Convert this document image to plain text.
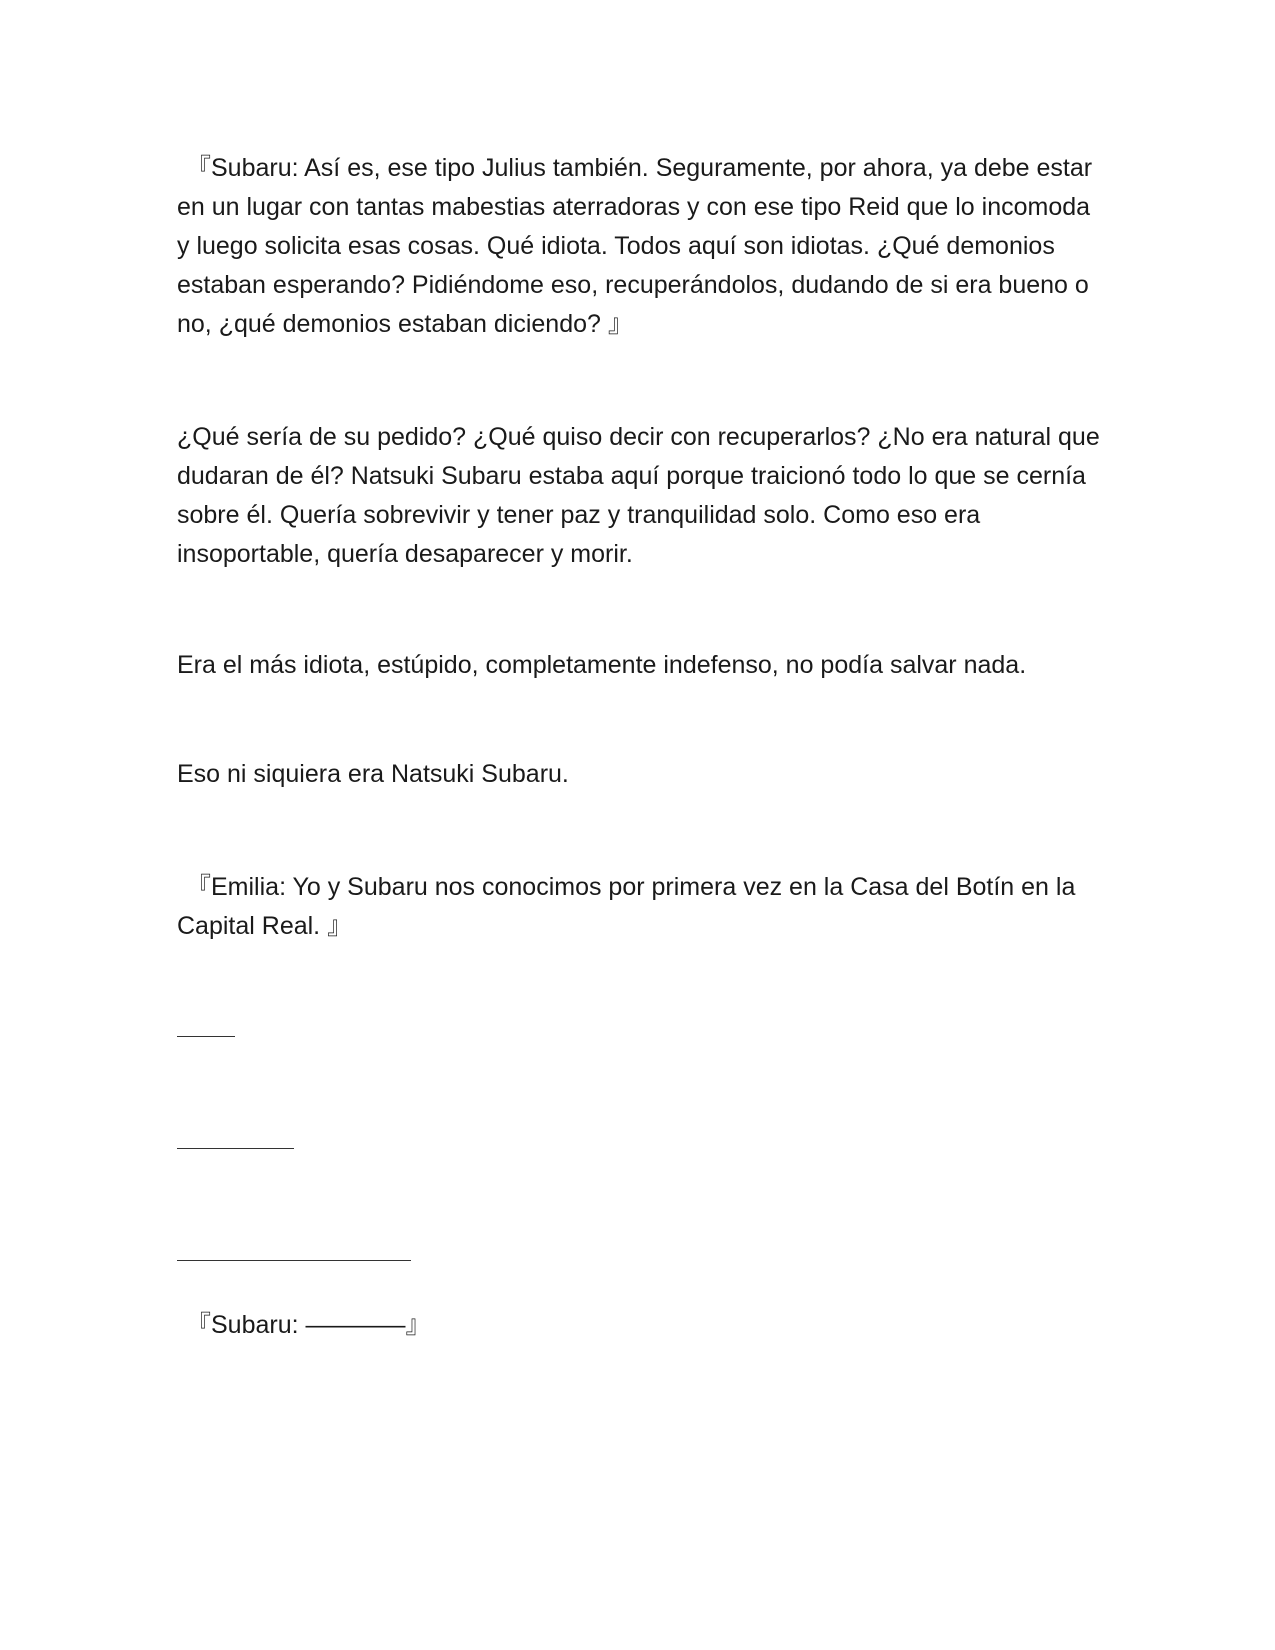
『Subaru: Así es, ese tipo Julius también. Seguramente, por ahora, ya debe estar en un lugar con tantas mabestias aterradoras y con ese tipo Reid que lo incomoda y luego solicita esas cosas. Qué idiota. Todos aquí son idiotas. ¿Qué demonios estaban esperando? Pidiéndome eso, recuperándolos, dudando de si era bueno o no, ¿qué demonios estaban diciendo? 』

¿Qué sería de su pedido? ¿Qué quiso decir con recuperarlos? ¿No era natural que dudaran de él? Natsuki Subaru estaba aquí porque traicionó todo lo que se cernía sobre él. Quería sobrevivir y tener paz y tranquilidad solo. Como eso era insoportable, quería desaparecer y morir.

Era el más idiota, estúpido, completamente indefenso, no podía salvar nada.

Eso ni siquiera era Natsuki Subaru.

『Emilia: Yo y Subaru nos conocimos por primera vez en la Casa del Botín en la Capital Real. 』

『Subaru: ————』
